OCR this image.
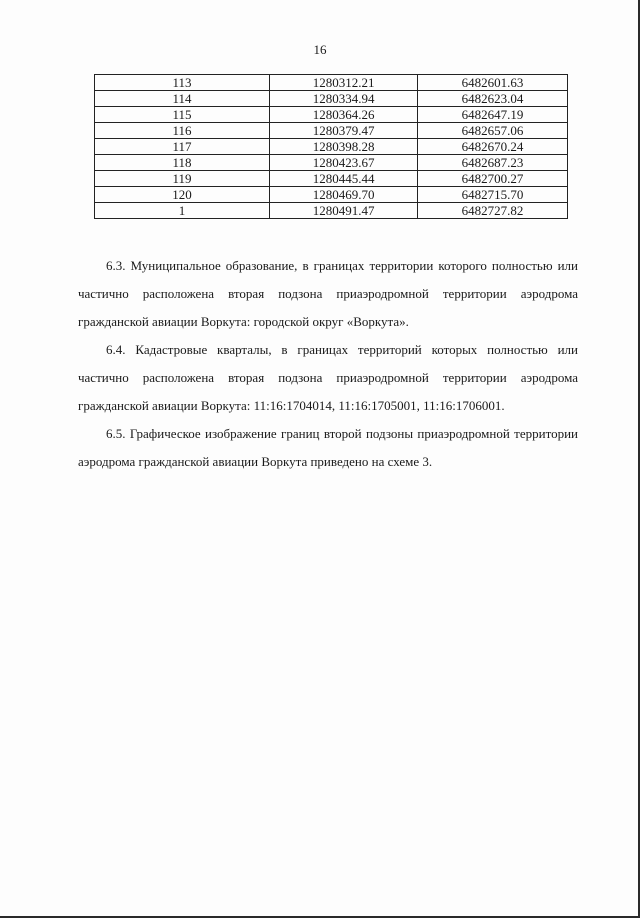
16
113	1280312.21	6482601.63
114	1280334.94	6482623.04
115	1280364.26	6482647.19
116	1280379.47	6482657.06
117	1280398.28	6482670.24
118	1280423.67	6482687.23
119	1280445.44	6482700.27
120	1280469.70	6482715.70
1	1280491.47	6482727.82

6.3. Муниципальное образование, в границах территории которого полностью или частично расположена вторая подзона приаэродромной территории аэродрома гражданской авиации Воркута: городской округ «Воркута».

6.4. Кадастровые кварталы, в границах территорий которых полностью или частично расположена вторая подзона приаэродромной территории аэродрома гражданской авиации Воркута: 11:16:1704014, 11:16:1705001, 11:16:1706001.

6.5. Графическое изображение границ второй подзоны приаэродромной территории аэродрома гражданской авиации Воркута приведено на схеме 3.
